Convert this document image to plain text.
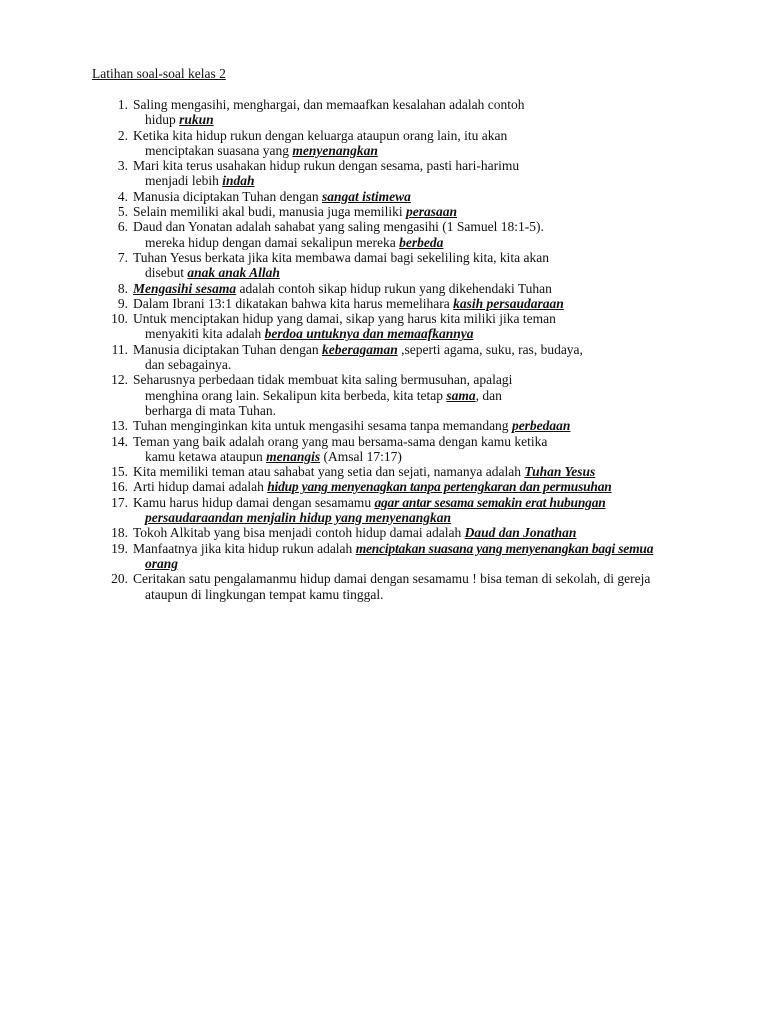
Latihan soal-soal kelas 2
1. Saling mengasihi, menghargai, dan memaafkan kesalahan adalah contoh
hidup rukun
2. Ketika kita hidup rukun dengan keluarga ataupun orang lain, itu akan
menciptakan suasana yang menyenangkan
3. Mari kita terus usahakan hidup rukun dengan sesama, pasti hari-harimu
menjadi lebih indah
4. Manusia diciptakan Tuhan dengan sangat istimewa
5. Selain memiliki akal budi, manusia juga memiliki perasaan
6. Daud dan Yonatan adalah sahabat yang saling mengasihi (1 Samuel 18:1-5).
mereka hidup dengan damai sekalipun mereka berbeda
7. Tuhan Yesus berkata jika kita membawa damai bagi sekeliling kita, kita akan
disebut anak anak Allah
8. Mengasihi sesama adalah contoh sikap hidup rukun yang dikehendaki Tuhan
9. Dalam Ibrani 13:1 dikatakan bahwa kita harus memelihara kasih persaudaraan
10. Untuk menciptakan hidup yang damai, sikap yang harus kita miliki jika teman
menyakiti kita adalah berdoa untuknya dan memaafkannya
11. Manusia diciptakan Tuhan dengan keberagaman ,seperti agama, suku, ras, budaya,
dan sebagainya.
12. Seharusnya perbedaan tidak membuat kita saling bermusuhan, apalagi
menghina orang lain. Sekalipun kita berbeda, kita tetap sama, dan
berharga di mata Tuhan.
13. Tuhan menginginkan kita untuk mengasihi sesama tanpa memandang perbedaan
14. Teman yang baik adalah orang yang mau bersama-sama dengan kamu ketika
kamu ketawa ataupun menangis (Amsal 17:17)
15. Kita memiliki teman atau sahabat yang setia dan sejati, namanya adalah Tuhan Yesus
16. Arti hidup damai adalah hidup yang menyenagkan tanpa pertengkaran dan permusuhan
17. Kamu harus hidup damai dengan sesamamu agar antar sesama semakin erat hubungan
persaudaraandan menjalin hidup yang menyenangkan
18. Tokoh Alkitab yang bisa menjadi contoh hidup damai adalah Daud dan Jonathan
19. Manfaatnya jika kita hidup rukun adalah menciptakan suasana yang menyenangkan bagi semua
orang
20. Ceritakan satu pengalamanmu hidup damai dengan sesamamu ! bisa teman di sekolah, di gereja
ataupun di lingkungan tempat kamu tinggal.
